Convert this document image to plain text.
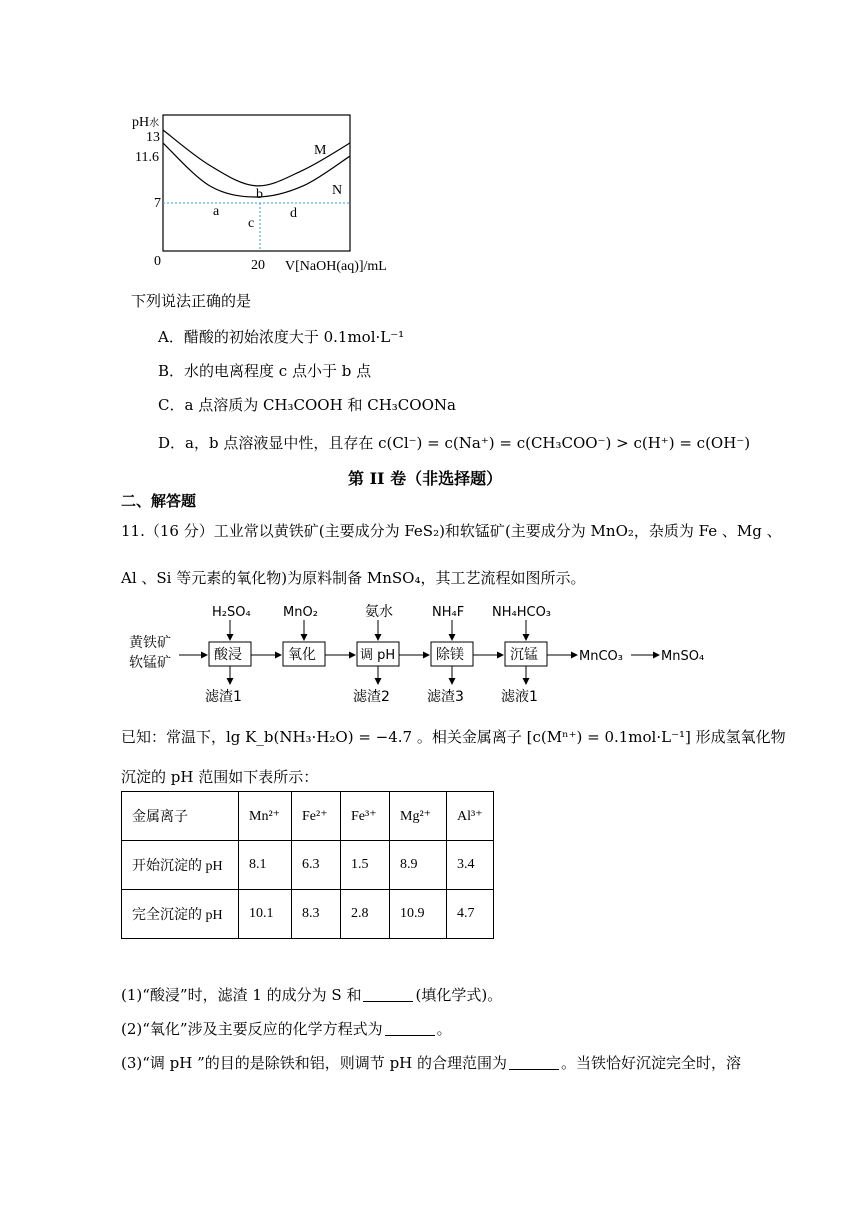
pH水
13
11.6
7
0	20 V[NaOH(aq)]/mL
M
N
a
b
c
d
下列说法正确的是
A．醋酸的初始浓度大于 0.1mol·L⁻¹
B．水的电离程度 c 点小于 b 点
C．a 点溶质为 CH₃COOH 和 CH₃COONa
D．a，b 点溶液显中性，且存在 c(Cl⁻) = c(Na⁺) = c(CH₃COO⁻) > c(H⁺) = c(OH⁻)
第 II 卷（非选择题）
二、解答题
11.（16 分）工业常以黄铁矿(主要成分为 FeS₂)和软锰矿(主要成分为 MnO₂，杂质为 Fe 、Mg 、
Al 、Si 等元素的氧化物)为原料制备 MnSO₄，其工艺流程如图所示。
黄铁矿
软锰矿	酸浸	氧化	调 pH	除镁	沉锰	MnCO₃	MnSO₄
H₂SO₄ MnO₂	氨水	NH₄F NH₄HCO₃
滤渣1	滤渣2	滤渣3	滤液1
已知：常温下，lg K_b(NH₃·H₂O) = −4.7 。相关金属离子 [c(Mⁿ⁺) = 0.1mol·L⁻¹] 形成氢氧化物
沉淀的 pH 范围如下表所示：
金属离子	Mn²⁺	Fe²⁺	Fe³⁺	Mg²⁺	Al³⁺
开始沉淀的 pH	8.1	6.3	1.5	8.9	3.4
完全沉淀的 pH	10.1	8.3	2.8	10.9	4.7
(1)“酸浸”时，滤渣 1 的成分为 S 和	(填化学式)。
(2)“氧化”涉及主要反应的化学方程式为	。
(3)“调 pH ”的目的是除铁和铝，则调节 pH 的合理范围为	。当铁恰好沉淀完全时，溶
